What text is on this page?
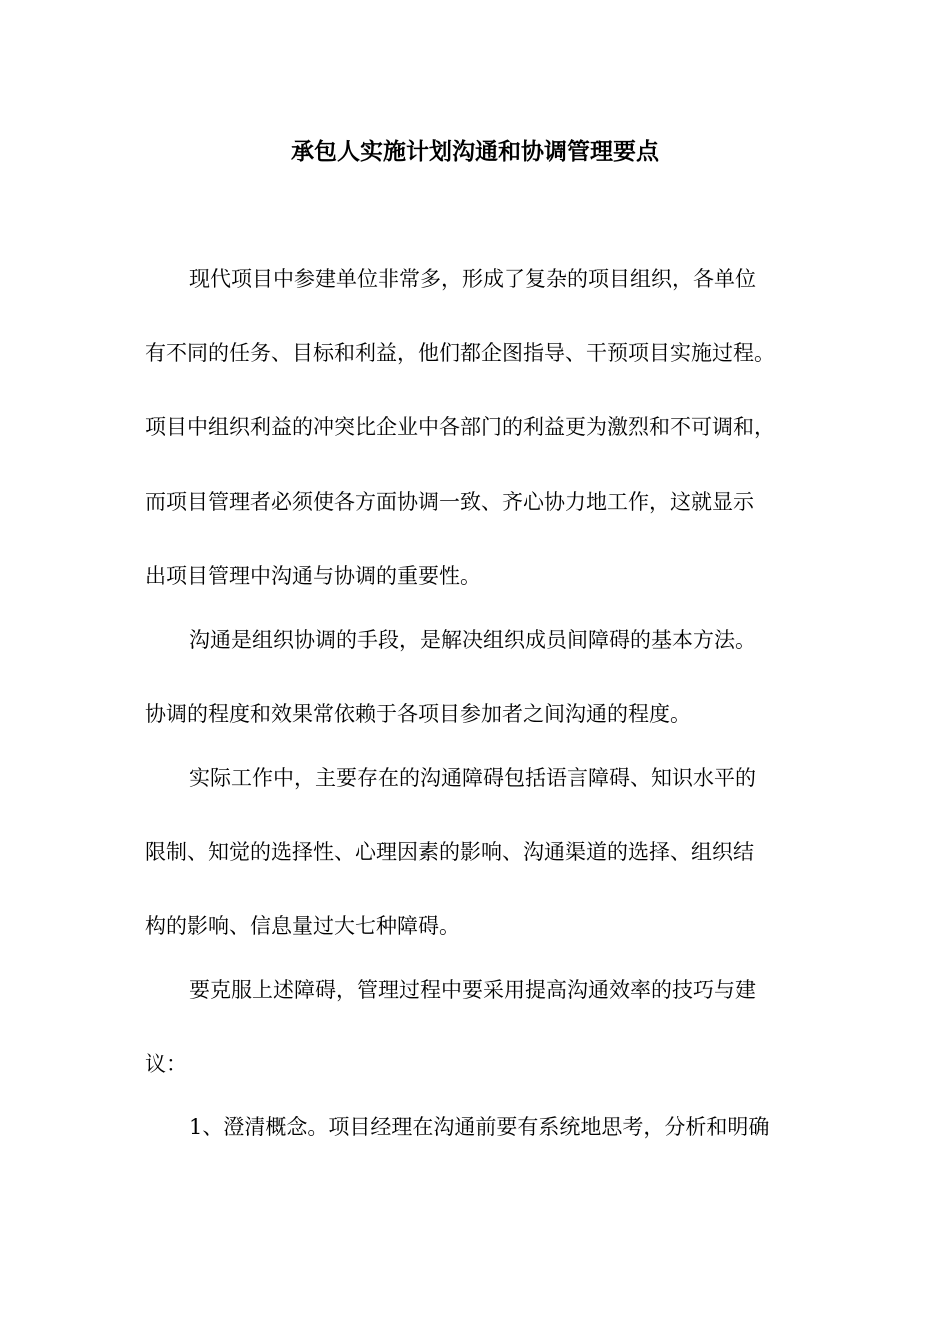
承包人实施计划沟通和协调管理要点
现代项目中参建单位非常多，形成了复杂的项目组织，各单位
有不同的任务、目标和利益，他们都企图指导、干预项目实施过程。
项目中组织利益的冲突比企业中各部门的利益更为激烈和不可调和，
而项目管理者必须使各方面协调一致、齐心协力地工作，这就显示
出项目管理中沟通与协调的重要性。
沟通是组织协调的手段，是解决组织成员间障碍的基本方法。
协调的程度和效果常依赖于各项目参加者之间沟通的程度。
实际工作中，主要存在的沟通障碍包括语言障碍、知识水平的
限制、知觉的选择性、心理因素的影响、沟通渠道的选择、组织结
构的影响、信息量过大七种障碍。
要克服上述障碍，管理过程中要采用提高沟通效率的技巧与建
议：
1、澄清概念。项目经理在沟通前要有系统地思考，分析和明确
